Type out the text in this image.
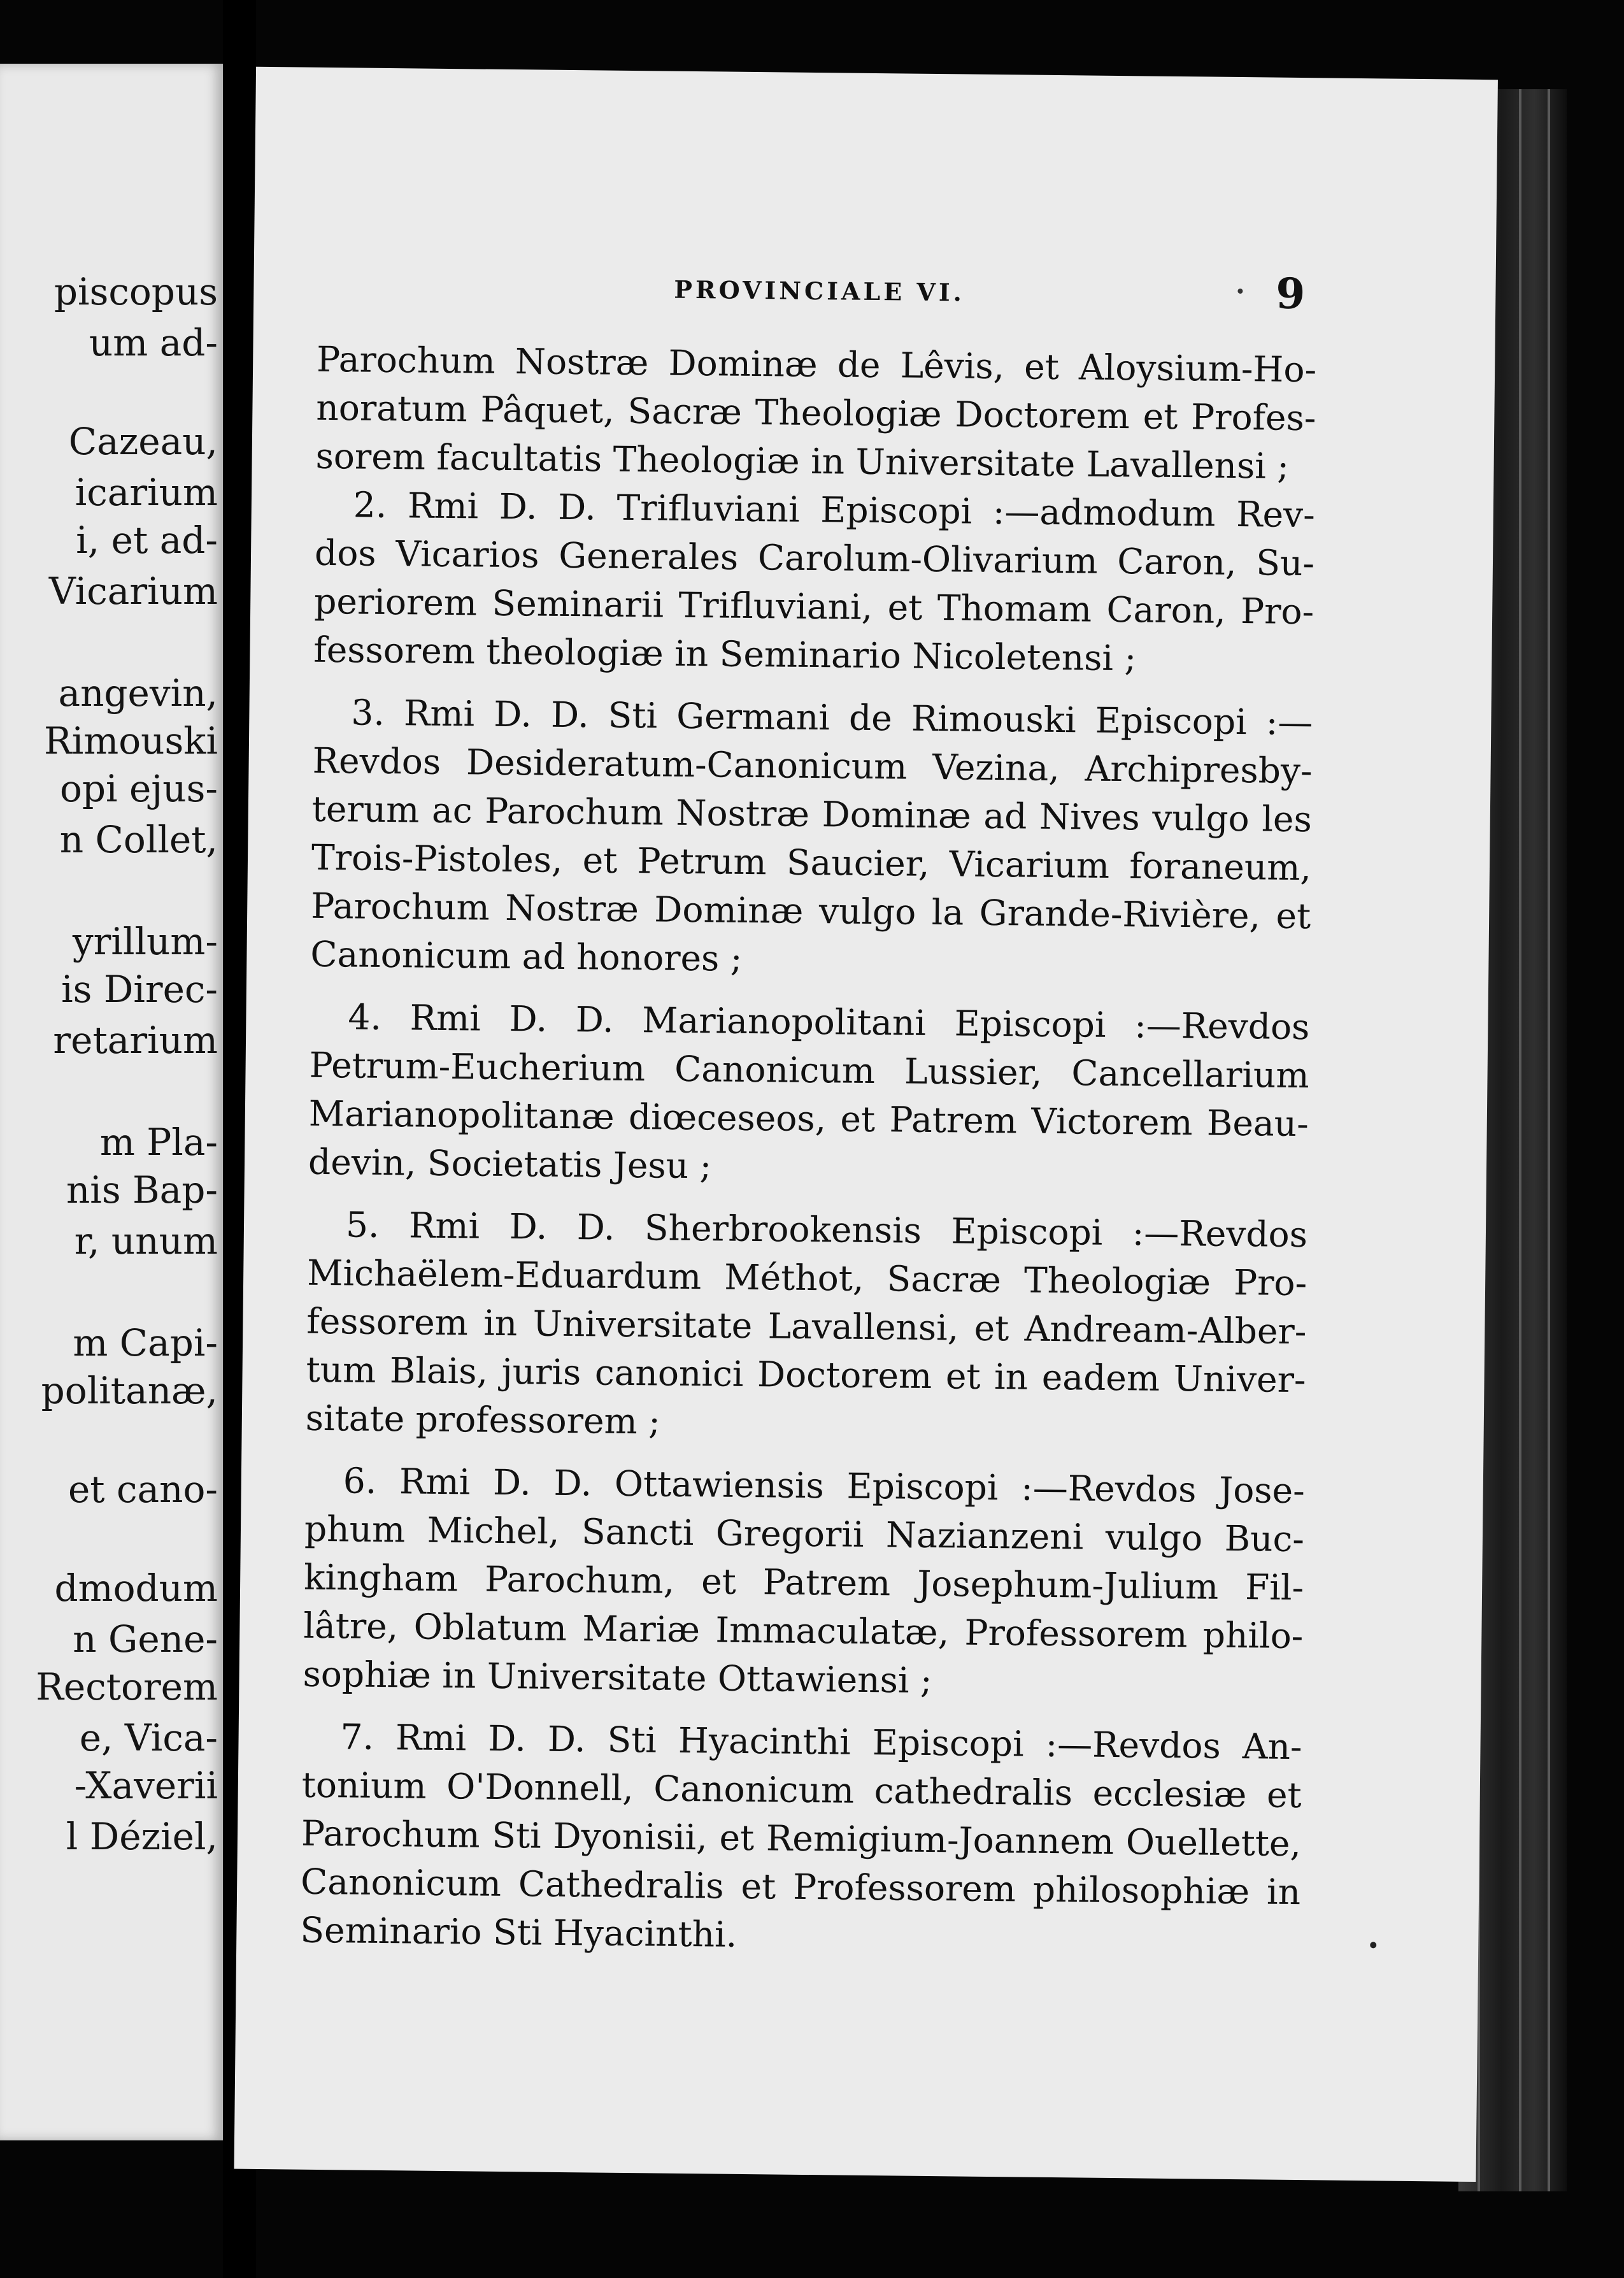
piscopus
um ad-
Cazeau,
icarium
i, et ad-
Vicarium
angevin,
Rimouski
opi ejus-
n Collet,
yrillum-
is Direc-
retarium
m Pla-
nis Bap-
r, unum
m Capi-
politanæ,
et cano-
dmodum
n Gene-
Rectorem
e, Vica-
-Xaverii
l Déziel,
PROVINCIALE VI.	9
Parochum Nostræ Dominæ de Lêvis, et Aloysium-Ho-
noratum Pâquet, Sacræ Theologiæ Doctorem et Profes-
sorem facultatis Theologiæ in Universitate Lavallensi ;
2. Rmi D. D. Trifluviani Episcopi :—admodum Rev-
dos Vicarios Generales Carolum-Olivarium Caron, Su-
periorem Seminarii Trifluviani, et Thomam Caron, Pro-
fessorem theologiæ in Seminario Nicoletensi ;
3. Rmi D. D. Sti Germani de Rimouski Episcopi :—
Revdos Desideratum-Canonicum Vezina, Archipresby-
terum ac Parochum Nostræ Dominæ ad Nives vulgo les
Trois-Pistoles, et Petrum Saucier, Vicarium foraneum,
Parochum Nostræ Dominæ vulgo la Grande-Rivière, et
Canonicum ad honores ;
4. Rmi D. D. Marianopolitani Episcopi :—Revdos
Petrum-Eucherium Canonicum Lussier, Cancellarium
Marianopolitanæ diœceseos, et Patrem Victorem Beau-
devin, Societatis Jesu ;
5. Rmi D. D. Sherbrookensis Episcopi :—Revdos
Michaëlem-Eduardum Méthot, Sacræ Theologiæ Pro-
fessorem in Universitate Lavallensi, et Andream-Alber-
tum Blais, juris canonici Doctorem et in eadem Univer-
sitate professorem ;
6. Rmi D. D. Ottawiensis Episcopi :—Revdos Jose-
phum Michel, Sancti Gregorii Nazianzeni vulgo Buc-
kingham Parochum, et Patrem Josephum-Julium Fil-
lâtre, Oblatum Mariæ Immaculatæ, Professorem philo-
sophiæ in Universitate Ottawiensi ;
7. Rmi D. D. Sti Hyacinthi Episcopi :—Revdos An-
tonium O'Donnell, Canonicum cathedralis ecclesiæ et
Parochum Sti Dyonisii, et Remigium-Joannem Ouellette,
Canonicum Cathedralis et Professorem philosophiæ in
Seminario Sti Hyacinthi.
